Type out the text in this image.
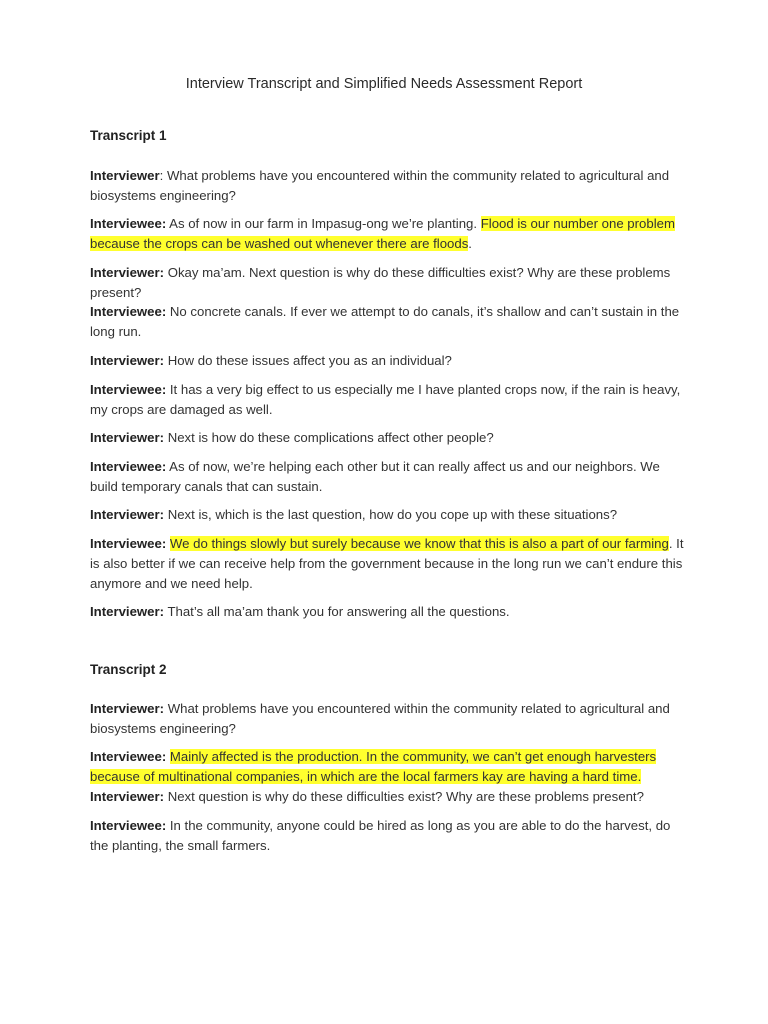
Interview Transcript and Simplified Needs Assessment Report
Transcript 1
Interviewer: What problems have you encountered within the community related to agricultural and biosystems engineering?
Interviewee: As of now in our farm in Impasug-ong we’re planting. Flood is our number one problem because the crops can be washed out whenever there are floods.
Interviewer: Okay ma’am. Next question is why do these difficulties exist? Why are these problems present?
Interviewee: No concrete canals. If ever we attempt to do canals, it’s shallow and can’t sustain in the long run.
Interviewer: How do these issues affect you as an individual?
Interviewee: It has a very big effect to us especially me I have planted crops now, if the rain is heavy, my crops are damaged as well.
Interviewer: Next is how do these complications affect other people?
Interviewee: As of now, we’re helping each other but it can really affect us and our neighbors. We build temporary canals that can sustain.
Interviewer: Next is, which is the last question, how do you cope up with these situations?
Interviewee: We do things slowly but surely because we know that this is also a part of our farming. It is also better if we can receive help from the government because in the long run we can’t endure this anymore and we need help.
Interviewer: That’s all ma’am thank you for answering all the questions.
Transcript 2
Interviewer: What problems have you encountered within the community related to agricultural and biosystems engineering?
Interviewee: Mainly affected is the production. In the community, we can’t get enough harvesters because of multinational companies, in which are the local farmers kay are having a hard time.
Interviewer: Next question is why do these difficulties exist? Why are these problems present?
Interviewee: In the community, anyone could be hired as long as you are able to do the harvest, do the planting, the small farmers.
